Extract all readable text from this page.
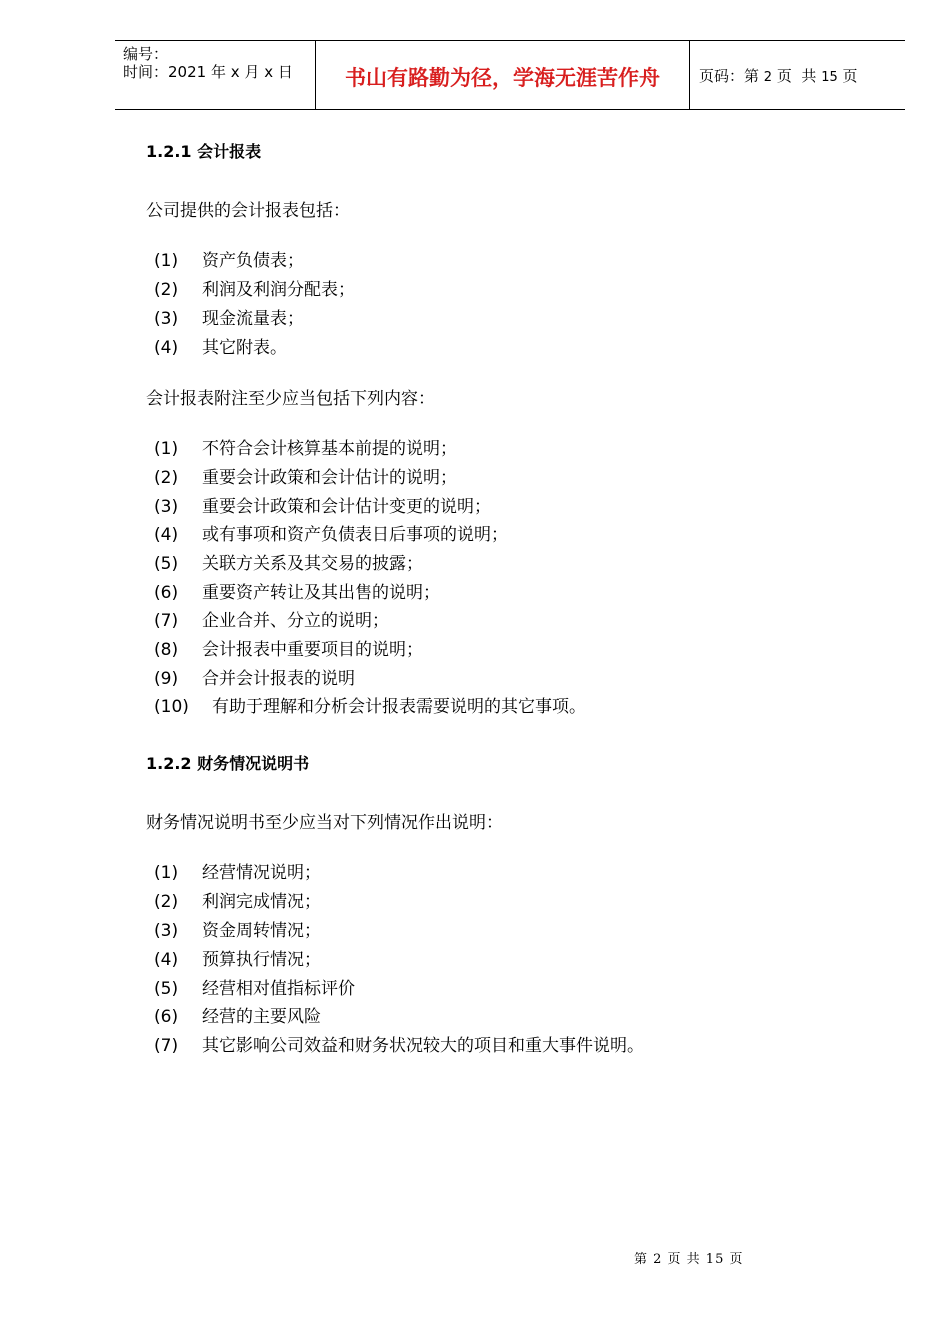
编号：
时间：2021 年 x 月 x 日	书山有路勤为径，学海无涯苦作舟	页码：第 2 页 共 15 页
1.2.1 会计报表
公司提供的会计报表包括：
(1) 资产负债表；
(2) 利润及利润分配表；
(3) 现金流量表；
(4) 其它附表。
会计报表附注至少应当包括下列内容：
(1) 不符合会计核算基本前提的说明；
(2) 重要会计政策和会计估计的说明；
(3) 重要会计政策和会计估计变更的说明；
(4) 或有事项和资产负债表日后事项的说明；
(5) 关联方关系及其交易的披露；
(6) 重要资产转让及其出售的说明；
(7) 企业合并、分立的说明；
(8) 会计报表中重要项目的说明；
(9) 合并会计报表的说明
(10) 有助于理解和分析会计报表需要说明的其它事项。
1.2.2 财务情况说明书
财务情况说明书至少应当对下列情况作出说明：
(1) 经营情况说明；
(2) 利润完成情况；
(3) 资金周转情况；
(4) 预算执行情况；
(5) 经营相对值指标评价
(6) 经营的主要风险
(7) 其它影响公司效益和财务状况较大的项目和重大事件说明。
第 2 页 共 15 页
